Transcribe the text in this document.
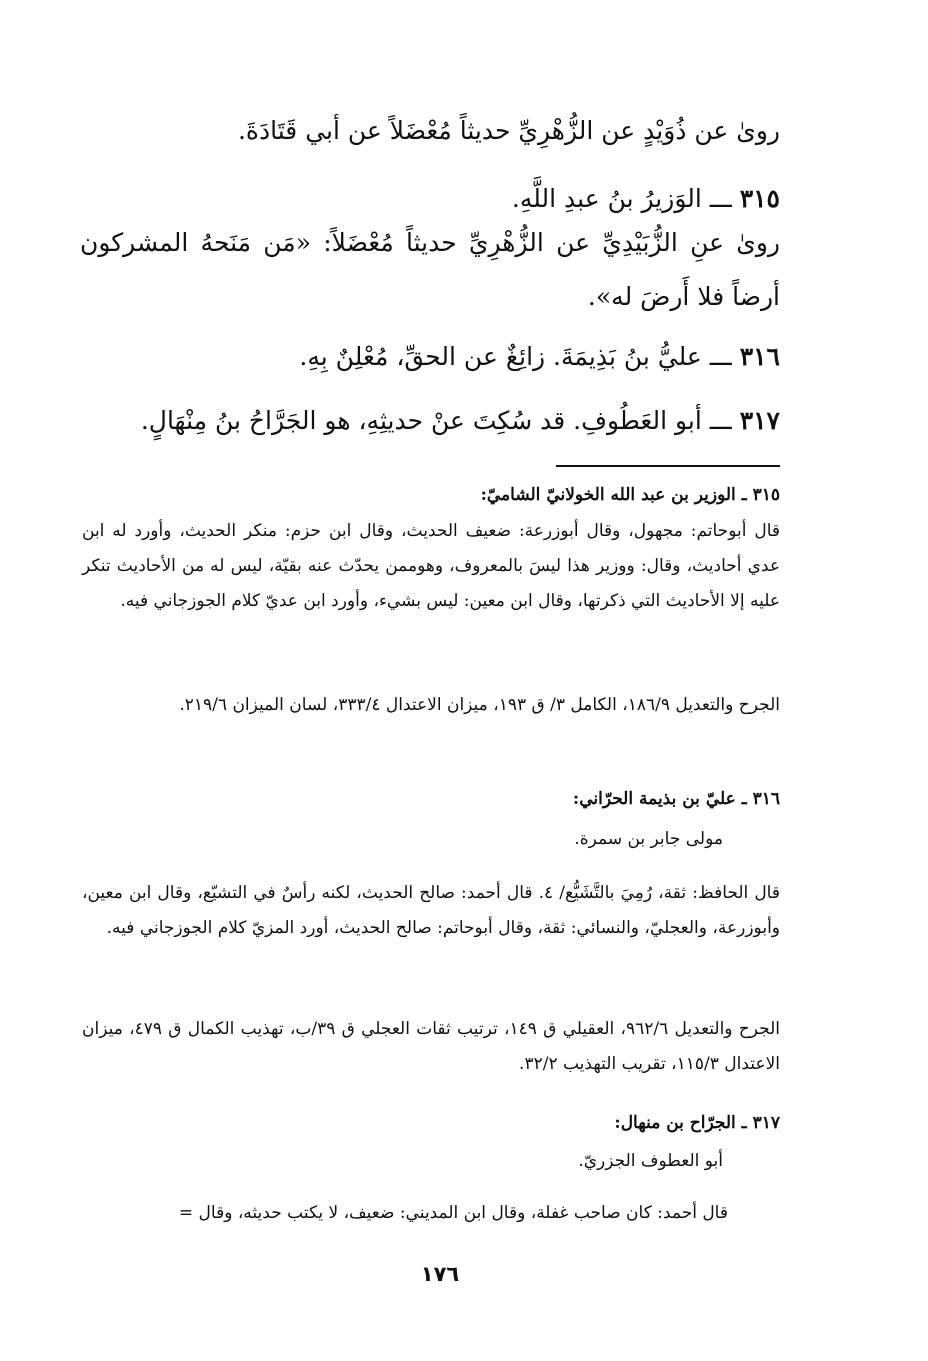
روىٰ عن ذُوَيْدٍ عن الزُّهْرِيِّ حديثاً مُعْضَلاً عن أبي قَتَادَةَ.
٣١٥ ـــ الوَزيرُ بنُ عبدِ اللَّهِ.
روىٰ عنِ الزُّبَيْدِيِّ عن الزُّهْرِيِّ حديثاً مُعْضَلاً: «مَن مَنَحهُ المشركون أرضاً فلا أَرضَ له».
٣١٦ ـــ عليُّ بنُ بَذِيمَةَ. زائِغٌ عن الحقِّ، مُعْلِنٌ بِهِ.
٣١٧ ـــ أبو العَطُوفِ. قد سُكِتَ عنْ حديثِهِ، هو الجَرَّاحُ بنُ مِنْهَالٍ.
٣١٥ ـ الوزير بن عبد الله الخولانيّ الشاميّ:
قال أبوحاتم: مجهول، وقال أبوزرعة: ضعيف الحديث، وقال ابن حزم: منكر الحديث، وأورد له ابن عدي أحاديث، وقال: ووزير هذا ليسَ بالمعروف، وهوممن يحدّث عنه بقيّة، ليس له من الأحاديث تنكر عليه إلا الأحاديث التي ذكرتها، وقال ابن معين: ليس بشيء، وأورد ابن عديّ كلام الجوزجاني فيه.
الجرح والتعديل ١٨٦/٩، الكامل ٣/ ق ١٩٣، ميزان الاعتدال ٣٣٣/٤، لسان الميزان ٢١٩/٦.
٣١٦ ـ عليّ بن بذيمة الحرّاني:
مولى جابر بن سمرة.
قال الحافظ: ثقة، رُمِيَ بالتَّشَيُّع/ ٤. قال أحمد: صالح الحديث، لكنه رأسٌ في التشيّع، وقال ابن معين، وأبوزرعة، والعجليّ، والنسائي: ثقة، وقال أبوحاتم: صالح الحديث، أورد المزيّ كلام الجوزجاني فيه.
الجرح والتعديل ٩٦٢/٦، العقيلي ق ١٤٩، ترتيب ثقات العجلي ق ٣٩/ب، تهذيب الكمال ق ٤٧٩، ميزان الاعتدال ١١٥/٣، تقريب التهذيب ٣٢/٢.
٣١٧ ـ الجرّاح بن منهال:
أبو العطوف الجزريّ.
قال أحمد: كان صاحب غفلة، وقال ابن المديني: ضعيف، لا يكتب حديثه، وقال =
١٧٦
